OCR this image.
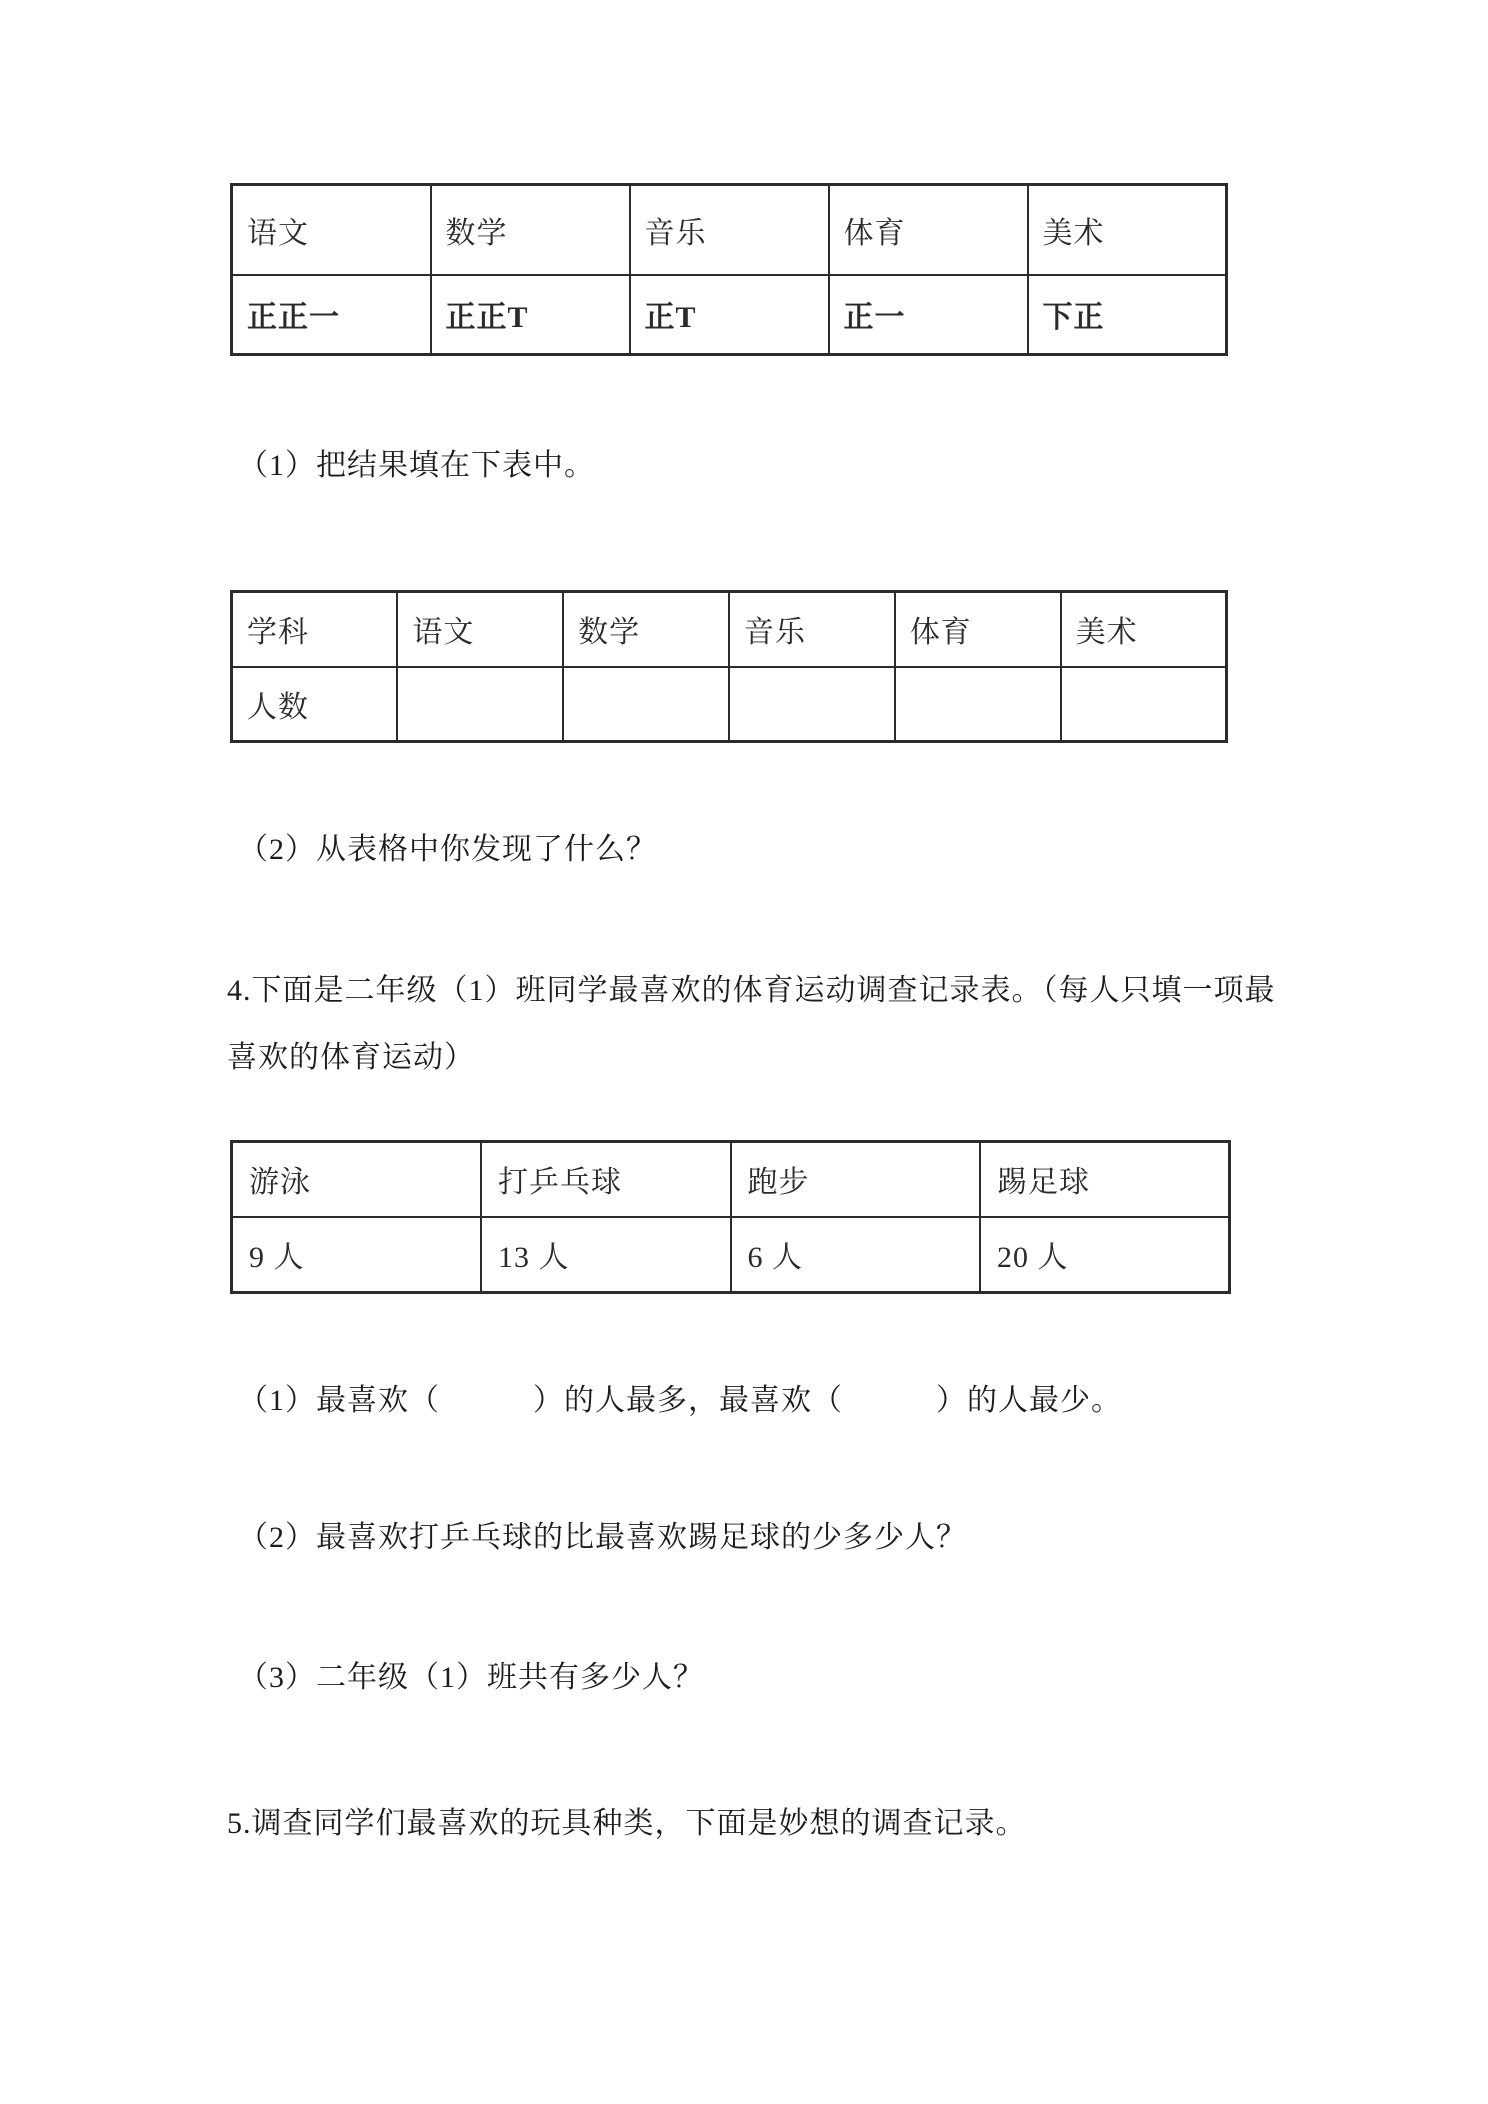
语文	数学	音乐	体育	美术
正正一	正正T	正T	正一	下正
（1）把结果填在下表中。
学科	语文	数学	音乐	体育	美术
人数					
（2）从表格中你发现了什么？
4.下面是二年级（1）班同学最喜欢的体育运动调查记录表。（每人只填一项最
喜欢的体育运动）
游泳	打乒乓球	跑步	踢足球
9 人	13 人	6 人	20 人
（1）最喜欢（　　　）的人最多，最喜欢（　　　）的人最少。
（2）最喜欢打乒乓球的比最喜欢踢足球的少多少人？
（3）二年级（1）班共有多少人？
5.调查同学们最喜欢的玩具种类，下面是妙想的调查记录。
